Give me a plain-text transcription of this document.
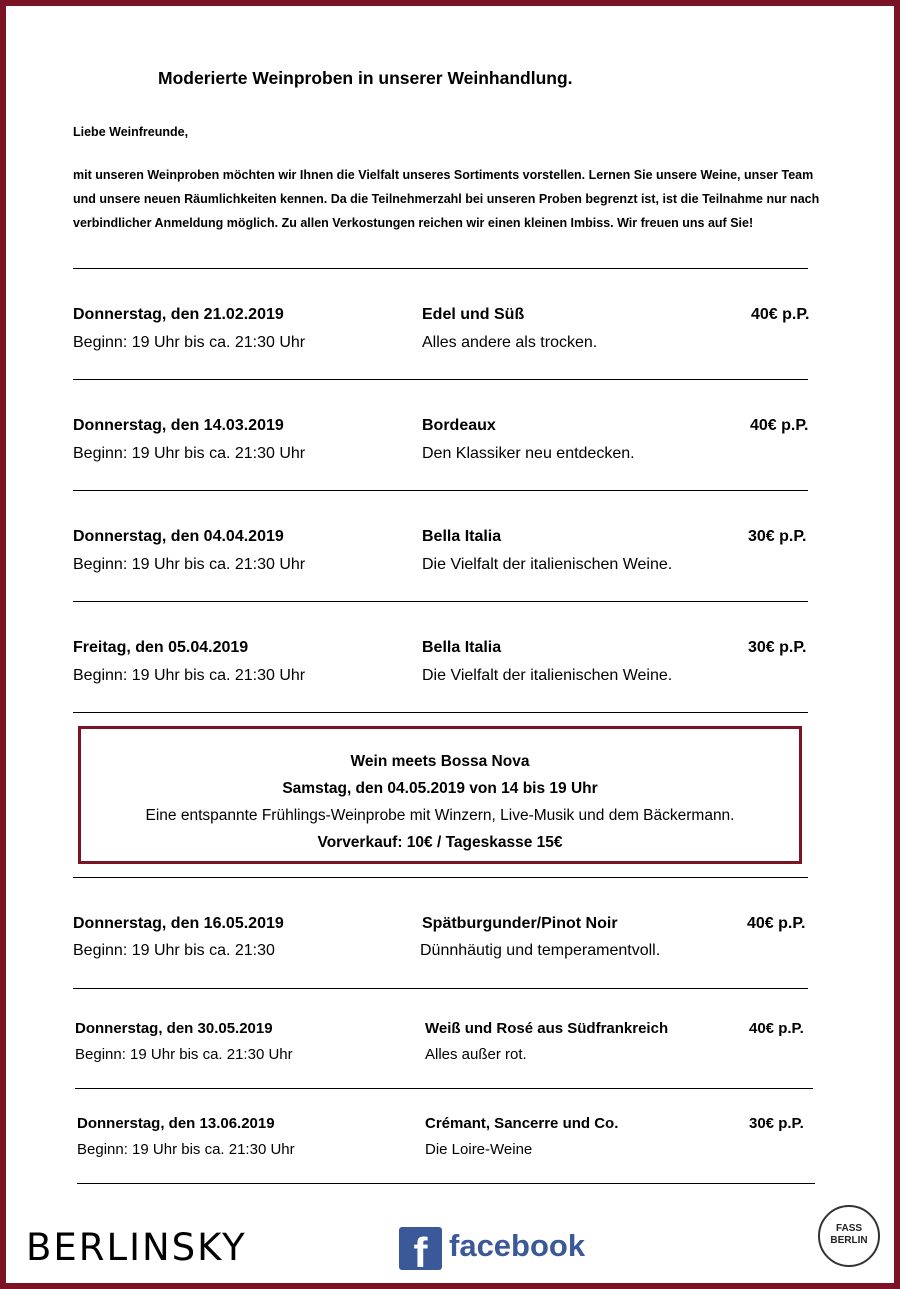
Moderierte Weinproben in unserer Weinhandlung.
Liebe Weinfreunde,
mit unseren Weinproben möchten wir Ihnen die Vielfalt unseres Sortiments vorstellen. Lernen Sie unsere Weine, unser Team und unsere neuen Räumlichkeiten kennen. Da die Teilnehmerzahl bei unseren Proben begrenzt ist, ist die Teilnahme nur nach verbindlicher Anmeldung möglich. Zu allen Verkostungen reichen wir einen kleinen Imbiss. Wir freuen uns auf Sie!
Donnerstag, den 21.02.2019
Beginn: 19 Uhr bis ca. 21:30 Uhr
Edel und Süß
Alles andere als trocken.
40€ p.P.
Donnerstag, den 14.03.2019
Beginn: 19 Uhr bis ca. 21:30 Uhr
Bordeaux
Den Klassiker neu entdecken.
40€ p.P.
Donnerstag, den 04.04.2019
Beginn: 19 Uhr bis ca. 21:30 Uhr
Bella Italia
Die Vielfalt der italienischen Weine.
30€ p.P.
Freitag, den 05.04.2019
Beginn: 19 Uhr bis ca. 21:30 Uhr
Bella Italia
Die Vielfalt der italienischen Weine.
30€ p.P.
Wein meets Bossa Nova
Samstag, den 04.05.2019 von 14 bis 19 Uhr
Eine entspannte Frühlings-Weinprobe mit Winzern, Live-Musik und dem Bäckermann.
Vorverkauf: 10€ / Tageskasse 15€
Donnerstag, den 16.05.2019
Beginn: 19 Uhr bis ca. 21:30
Spätburgunder/Pinot Noir
Dünnhäutig und temperamentvoll.
40€ p.P.
Donnerstag, den 30.05.2019
Beginn: 19 Uhr bis ca. 21:30 Uhr
Weiß und Rosé aus Südfrankreich
Alles außer rot.
40€ p.P.
Donnerstag, den 13.06.2019
Beginn: 19 Uhr bis ca. 21:30 Uhr
Crémant, Sancerre und Co.
Die Loire-Weine
30€ p.P.
BERLINSKY	f facebook	FASS
BERLIN
